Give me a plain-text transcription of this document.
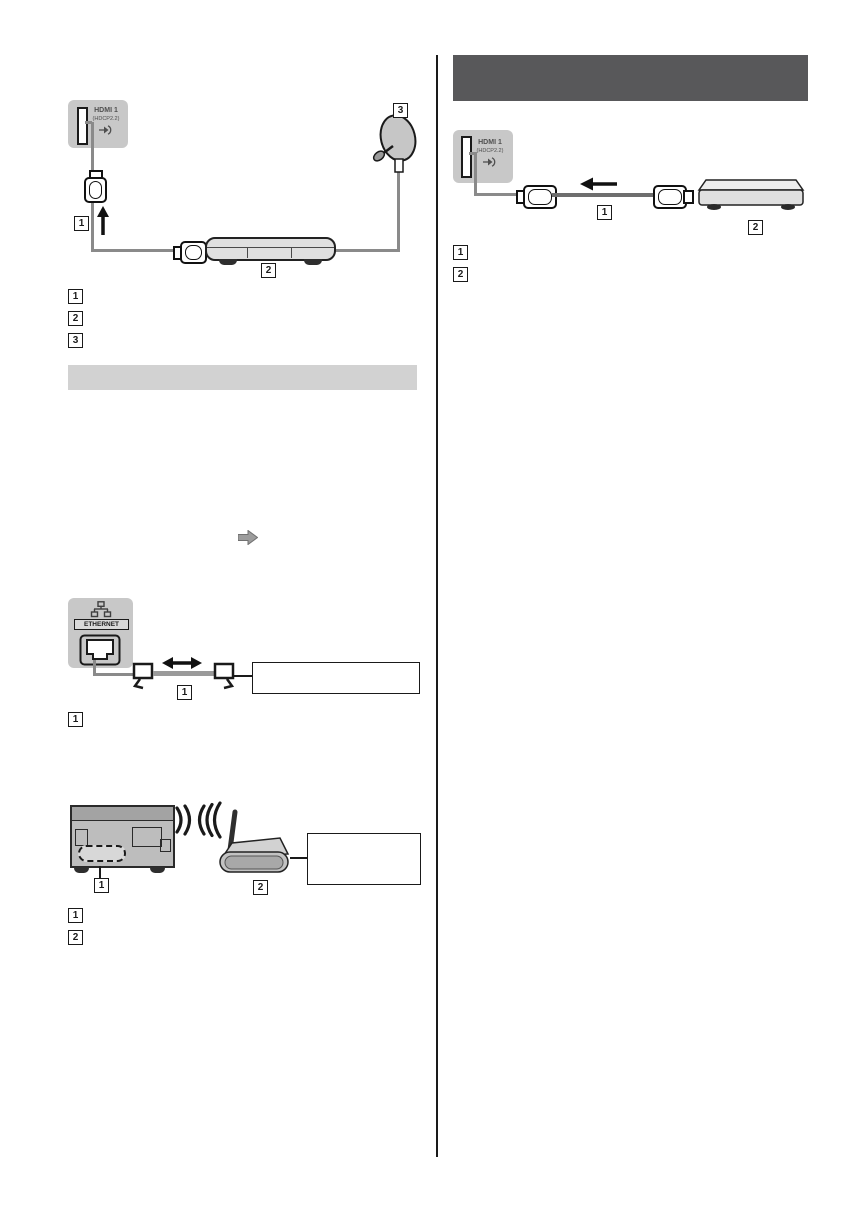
HDMI 1
(HDCP2.2)
1
2
3
1
2
3
ETHERNET
1
1
1	2
1
2
HDMI 1
(HDCP2.2)
1
2
1
2
